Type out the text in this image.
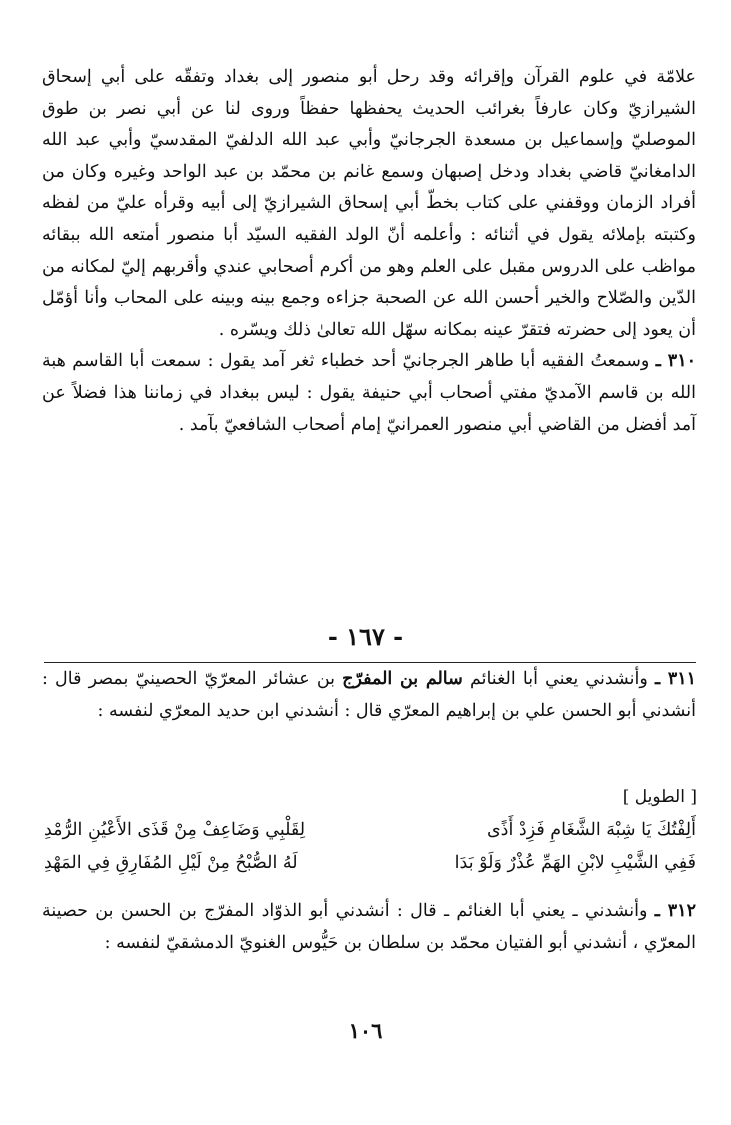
علامّة في علوم القرآن وإقرائه وقد رحل أبو منصور إلى بغداد وتفقّه على أبي إسحاق الشيرازيّ وكان عارفاً بغرائب الحديث يحفظها حفظاً وروى لنا عن أبي نصر بن طوق الموصليّ وإسماعيل بن مسعدة الجرجانيّ وأبي عبد الله الدلفيّ المقدسيّ وأبي عبد الله الدامغانيّ قاضي بغداد ودخل إصبهان وسمع غانم بن محمّد بن عبد الواحد وغيره وكان من أفراد الزمان ووقفني على كتاب بخطّ أبي إسحاق الشيرازيّ إلى أبيه وقرأه عليّ من لفظه وكتبته بإملائه يقول في أثنائه : وأعلمه أنّ الولد الفقيه السيّد أبا منصور أمتعه الله ببقائه مواظب على الدروس مقبل على العلم وهو من أكرم أصحابي عندي وأقربهم إليّ لمكانه من الدّين والصّلاح والخير أحسن الله عن الصحبة جزاءه وجمع بينه وبينه على المحاب وأنا أؤمّل أن يعود إلى حضرته فتقرّ عينه بمكانه سهّل الله تعالىٰ ذلك ويسّره .

٣١٠ ـ وسمعتُ الفقيه أبا طاهر الجرجانيّ أحد خطباء ثغر آمد يقول : سمعت أبا القاسم هبة الله بن قاسم الآمديّ مفتي أصحاب أبي حنيفة يقول : ليس ببغداد في زماننا هذا فضلاً عن آمد أفضل من القاضي أبي منصور العمرانيّ إمام أصحاب الشافعيّ بآمد .

- ١٦٧ -

٣١١ ـ وأنشدني يعني أبا الغنائم سالم بن المفرّج بن عشائر المعرّيّ الحصينيّ بمصر قال : أنشدني أبو الحسن علي بن إبراهيم المعرّي قال : أنشدني ابن حديد المعرّي لنفسه :

[ الطويل ]
أَلِفْتُكَ يَا شِبْهَ الشَّغَامِ فَزِدْ أَذًى
لِقَلْبِي وَضَاعِفْ مِنْ قَذَى الأَعْيُنِ الرُّمْدِ
فَفِي الشَّيْبِ لابْنِ الهَمِّ عُذْرٌ وَلَوْ بَدَا
لَهُ الصُّبْحُ مِنْ لَيْلِ المُفَارِقِ فِي المَهْدِ

٣١٢ ـ وأنشدني ـ يعني أبا الغنائم ـ قال : أنشدني أبو الذوّاد المفرّج بن الحسن بن حصينة المعرّي ، أنشدني أبو الفتيان محمّد بن سلطان بن حَيُّوس الغنويّ الدمشقيّ لنفسه :

١٠٦
